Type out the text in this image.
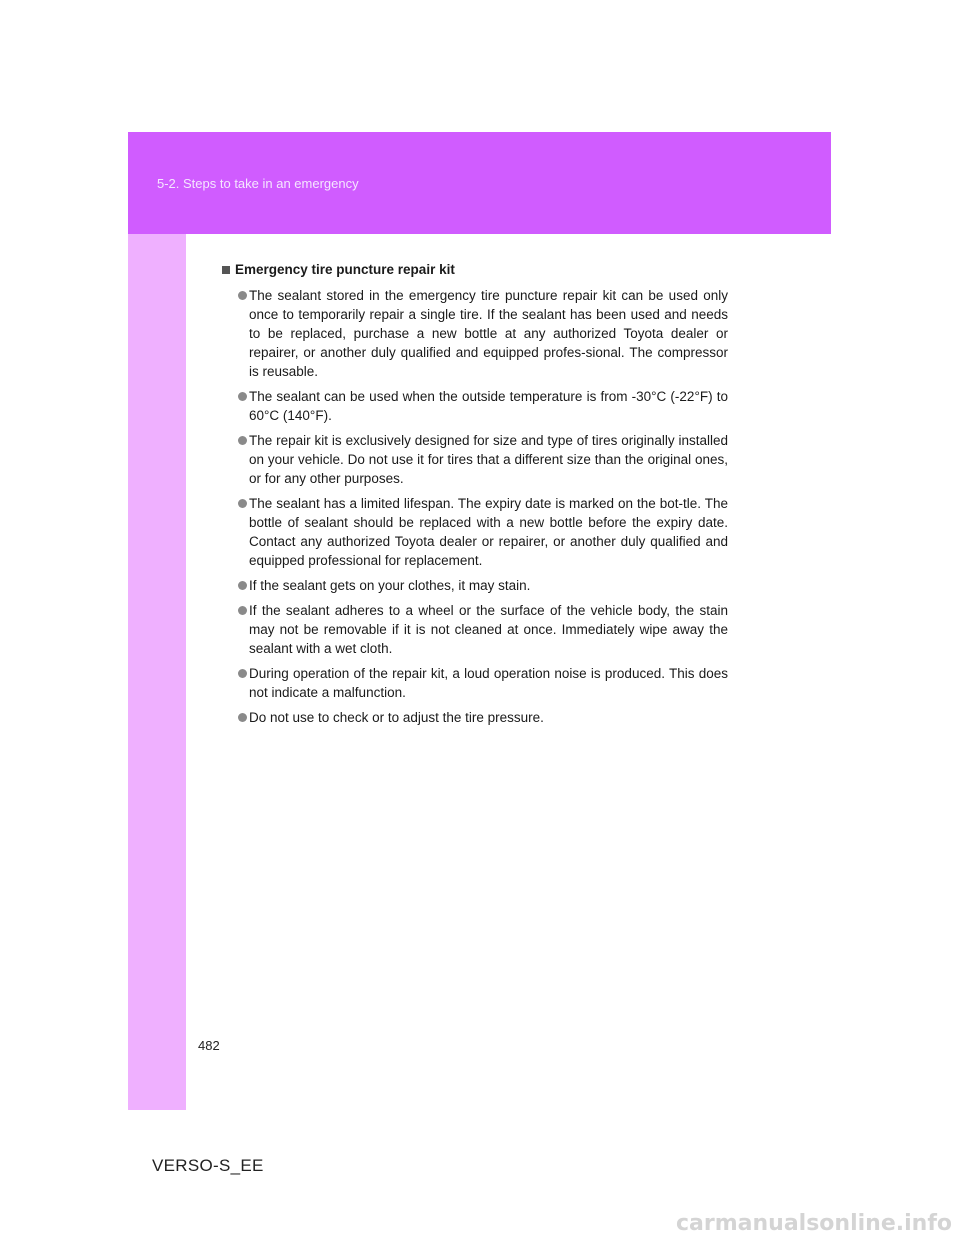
5-2. Steps to take in an emergency
Emergency tire puncture repair kit
The sealant stored in the emergency tire puncture repair kit can be used only once to temporarily repair a single tire. If the sealant has been used and needs to be replaced, purchase a new bottle at any authorized Toyota dealer or repairer, or another duly qualified and equipped profes-sional. The compressor is reusable.
The sealant can be used when the outside temperature is from -30°C (-22°F) to 60°C (140°F).
The repair kit is exclusively designed for size and type of tires originally installed on your vehicle. Do not use it for tires that a different size than the original ones, or for any other purposes.
The sealant has a limited lifespan. The expiry date is marked on the bot-tle. The bottle of sealant should be replaced with a new bottle before the expiry date. Contact any authorized Toyota dealer or repairer, or another duly qualified and equipped professional for replacement.
If the sealant gets on your clothes, it may stain.
If the sealant adheres to a wheel or the surface of the vehicle body, the stain may not be removable if it is not cleaned at once. Immediately wipe away the sealant with a wet cloth.
During operation of the repair kit, a loud operation noise is produced. This does not indicate a malfunction.
Do not use to check or to adjust the tire pressure.
482
VERSO-S_EE
carmanualsonline.info
